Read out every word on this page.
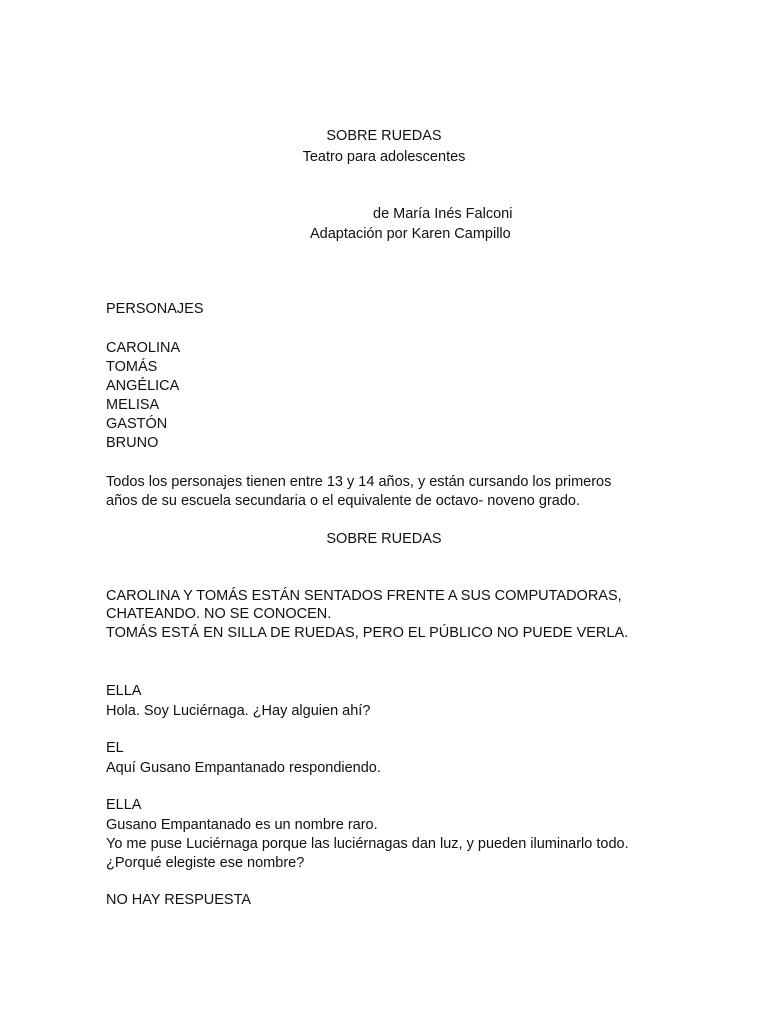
SOBRE RUEDAS
Teatro para adolescentes
de María Inés Falconi
Adaptación por Karen Campillo
PERSONAJES
CAROLINA
TOMÁS
ANGÉLICA
MELISA
GASTÓN
BRUNO
Todos los personajes tienen entre 13 y 14 años, y están cursando los primeros
años de su escuela secundaria o el equivalente de octavo- noveno grado.
SOBRE RUEDAS
CAROLINA Y TOMÁS ESTÁN SENTADOS FRENTE A SUS COMPUTADORAS,
CHATEANDO. NO SE CONOCEN.
TOMÁS ESTÁ EN SILLA DE RUEDAS, PERO EL PÚBLICO NO PUEDE VERLA.
ELLA
Hola. Soy Luciérnaga. ¿Hay alguien ahí?
EL
Aquí Gusano Empantanado respondiendo.
ELLA
Gusano Empantanado es un nombre raro.
Yo me puse Luciérnaga porque las luciérnagas dan luz, y pueden iluminarlo todo.
¿Porqué elegiste ese nombre?
NO HAY RESPUESTA
